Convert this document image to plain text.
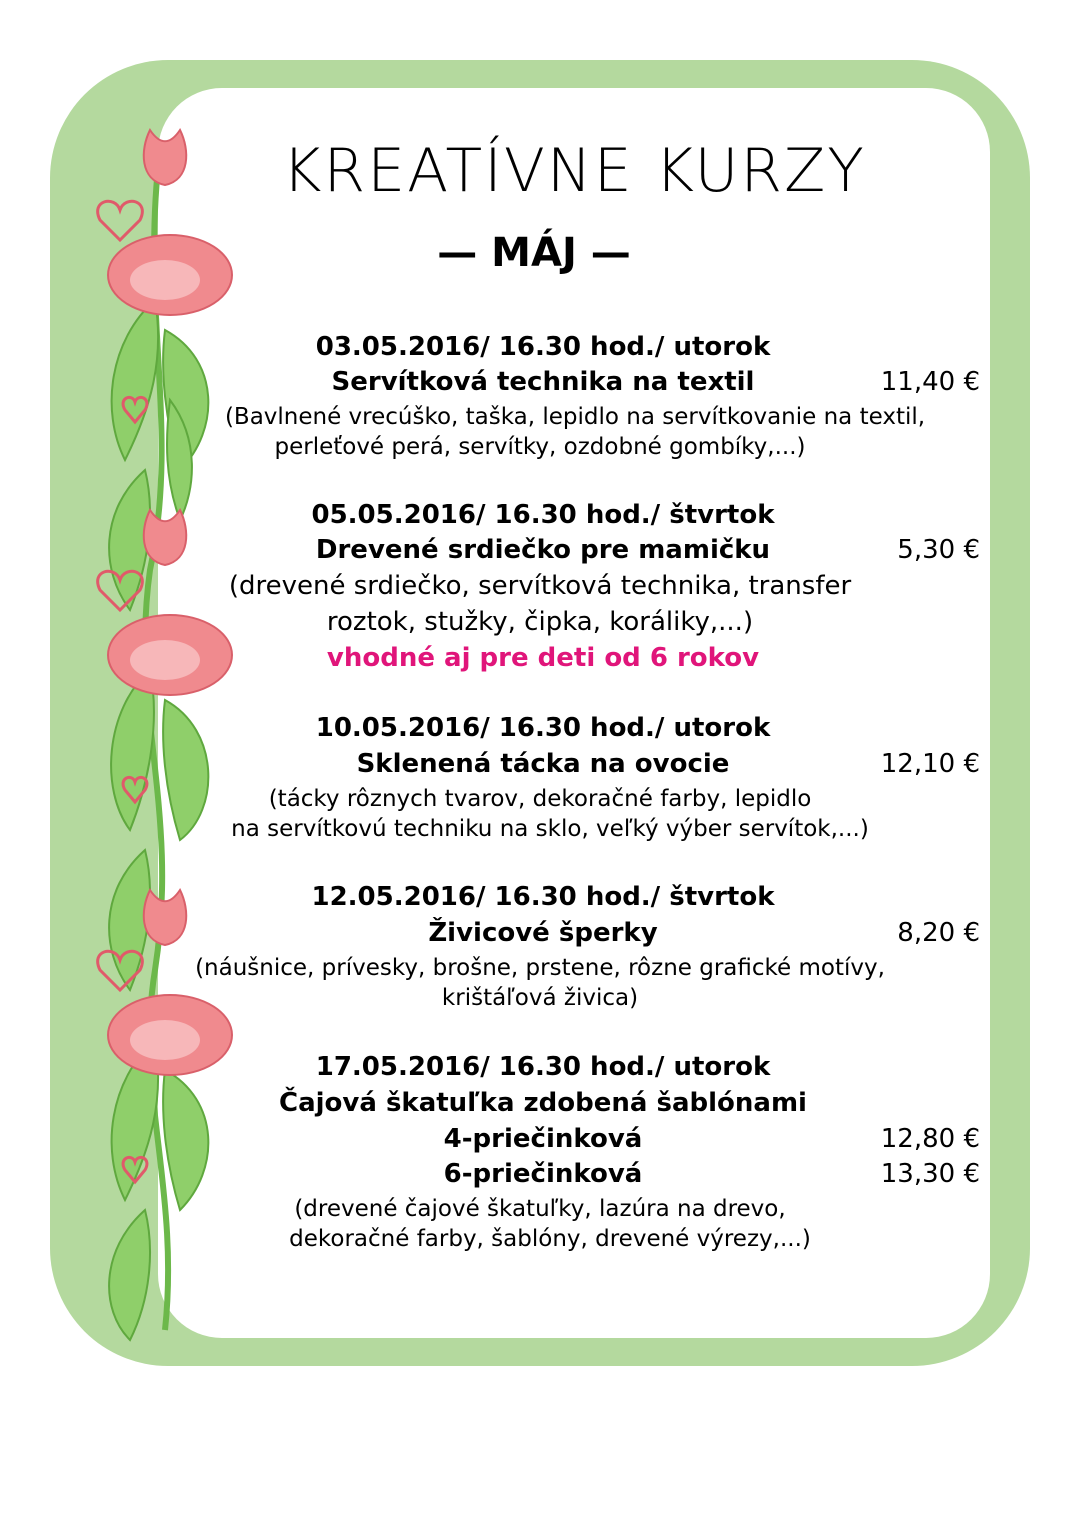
KREATÍVNE KURZY
— MÁJ —
03.05.2016/ 16.30 hod./ utorok
Servítková technika na textil	11,40 €
(Bavlnené vrecúško, taška, lepidlo na servítkovanie na textil,
perleťové perá, servítky, ozdobné gombíky,...)
05.05.2016/ 16.30 hod./ štvrtok
Drevené srdiečko pre mamičku	5,30 €
(drevené srdiečko, servítková technika, transfer
roztok, stužky, čipka, koráliky,...)
vhodné aj pre deti od 6 rokov
10.05.2016/ 16.30 hod./ utorok
Sklenená tácka na ovocie	12,10 €
(tácky rôznych tvarov, dekoračné farby, lepidlo
na servítkovú techniku na sklo, veľký výber servítok,...)
12.05.2016/ 16.30 hod./ štvrtok
Živicové šperky	8,20 €
(náušnice, prívesky, brošne, prstene, rôzne grafické motívy,
krištáľová živica)
17.05.2016/ 16.30 hod./ utorok
Čajová škatuľka zdobená šablónami
4-priečinková	12,80 €
6-priečinková	13,30 €
(drevené čajové škatuľky, lazúra na drevo,
dekoračné farby, šablóny, drevené výrezy,...)
